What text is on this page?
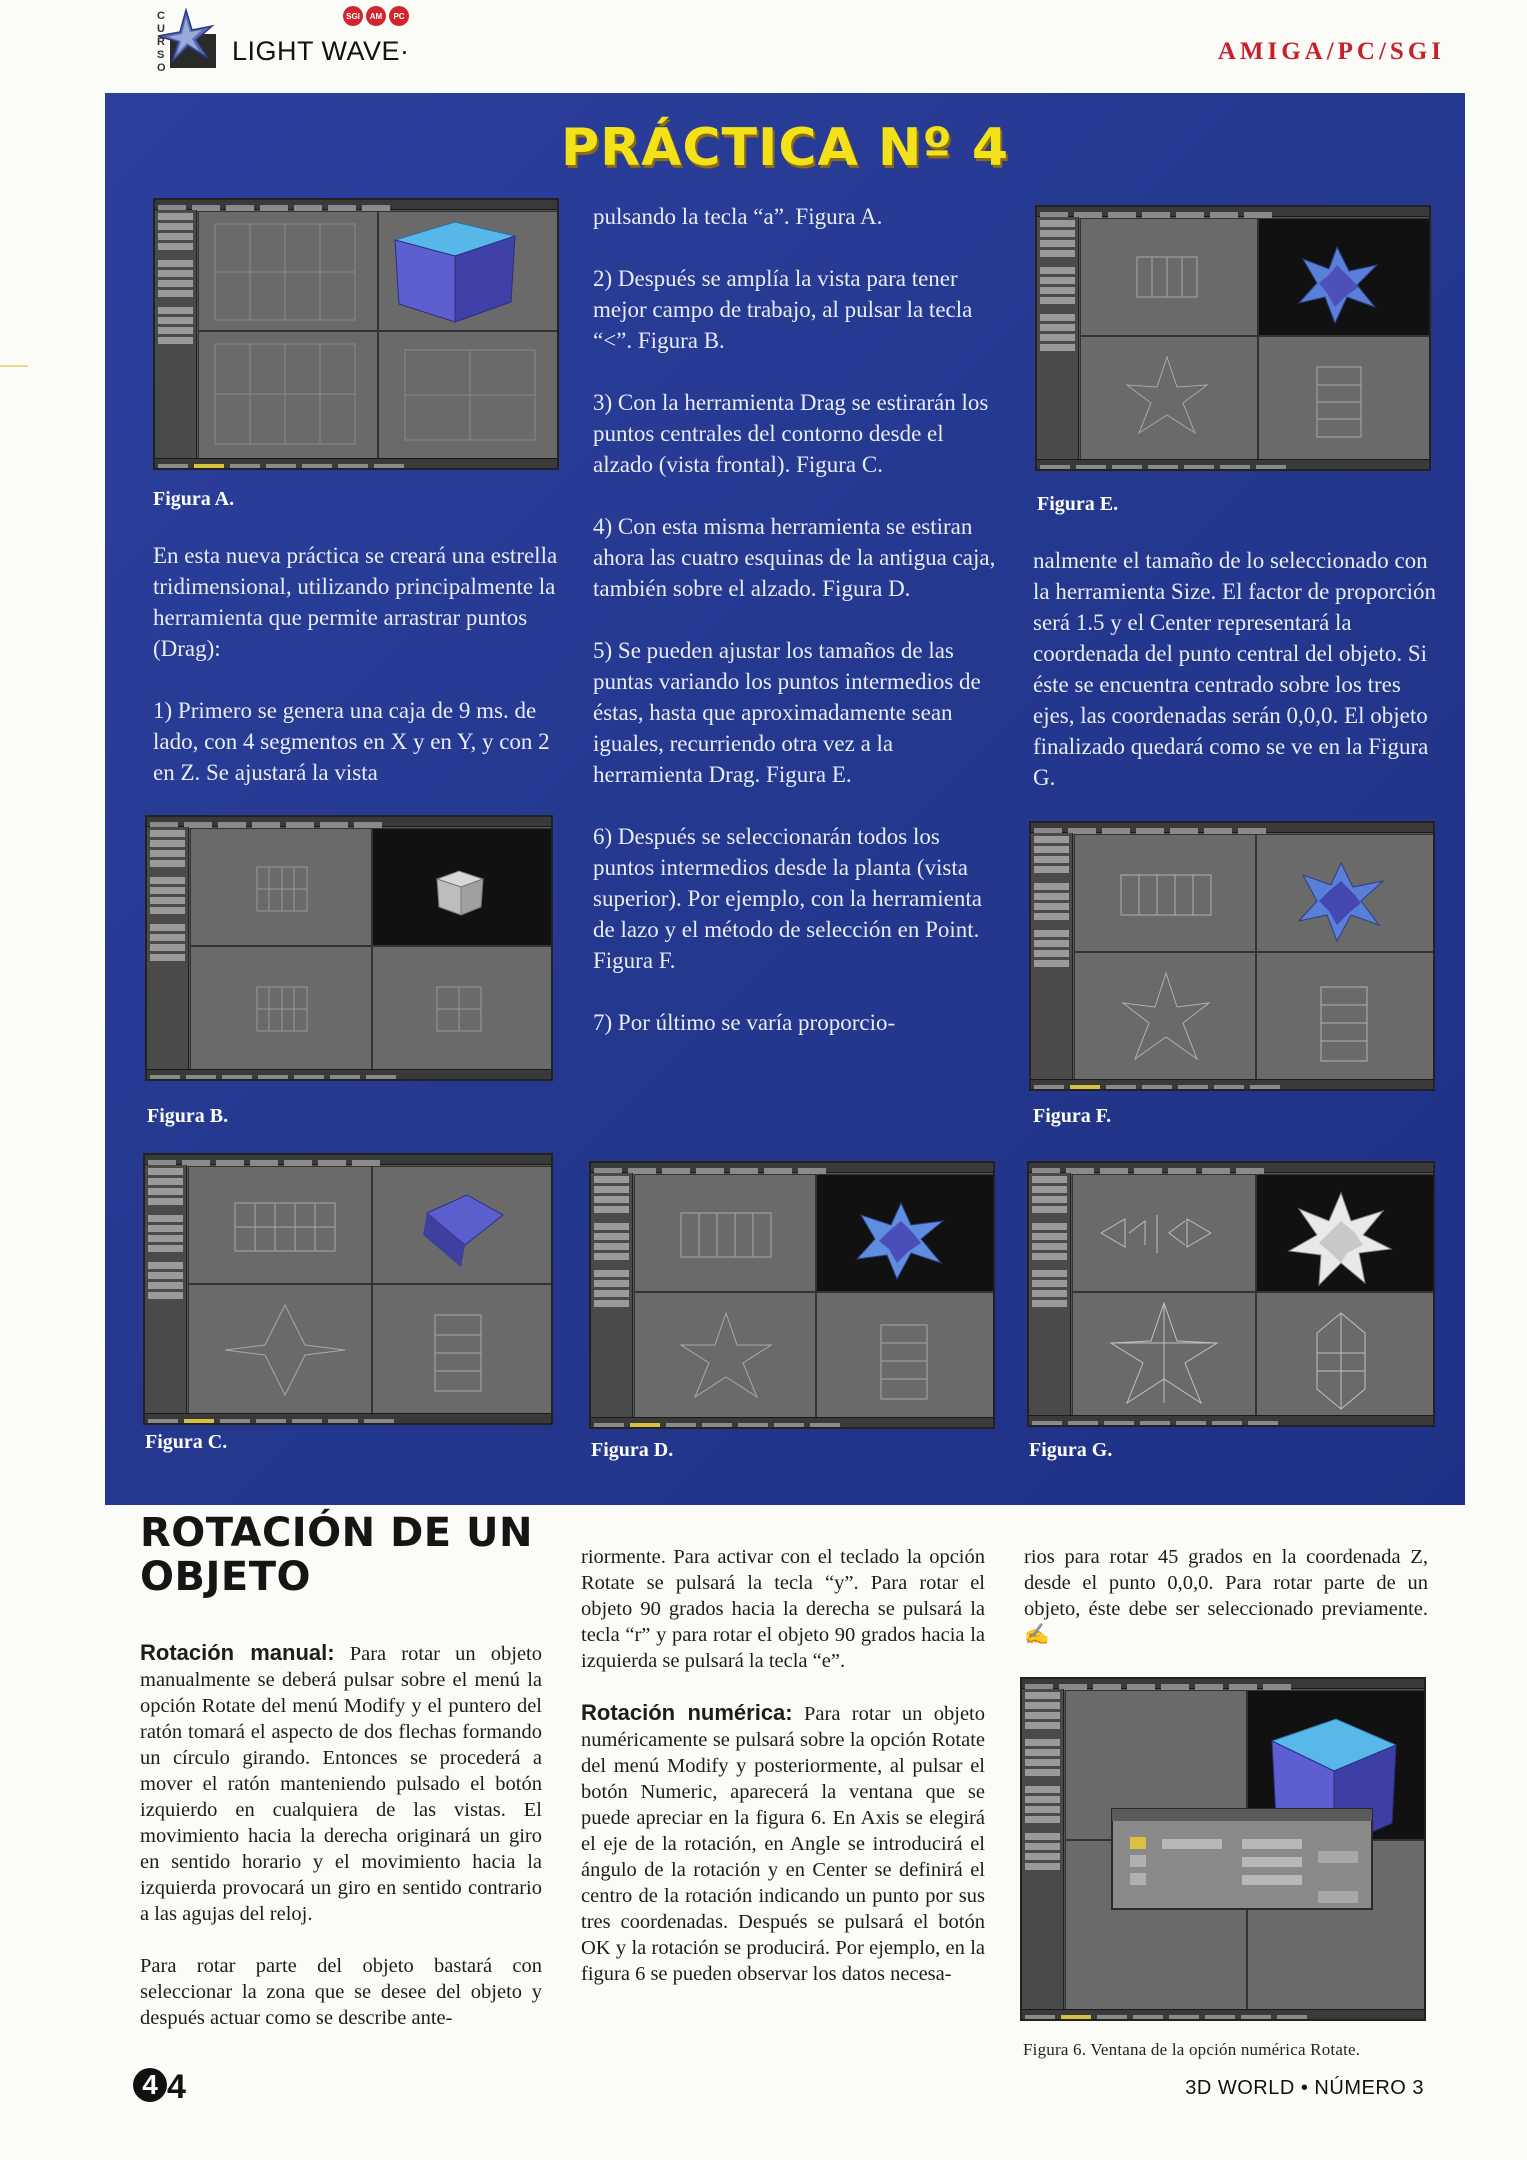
C U R S O
LIGHT WAVE·
SGI	AM	PC
AMIGA/PC/SGI
PRÁCTICA Nº 4
Figura A.

En esta nueva práctica se creará una estrella tridimensional, utilizando principalmente la herramienta que permite arrastrar puntos (Drag):

1) Primero se genera una caja de 9 ms. de lado, con 4 segmentos en X y en Y, y con 2 en Z. Se ajustará la vista

Figura B.

pulsando la tecla “a”. Figura A.

2) Después se amplía la vista para tener mejor campo de trabajo, al pulsar la tecla “<”. Figura B.

3) Con la herramienta Drag se estirarán los puntos centrales del contorno desde el alzado (vista frontal). Figura C.

4) Con esta misma herramienta se estiran ahora las cuatro esquinas de la antigua caja, también sobre el alzado. Figura D.

5) Se pueden ajustar los tamaños de las puntas variando los puntos intermedios de éstas, hasta que aproximadamente sean iguales, recurriendo otra vez a la herramienta Drag. Figura E.

6) Después se seleccionarán todos los puntos intermedios desde la planta (vista superior). Por ejemplo, con la herramienta de lazo y el método de selección en Point. Figura F.

7) Por último se varía proporcio-

Figura E.

nalmente el tamaño de lo seleccionado con la herramienta Size. El factor de proporción será 1.5 y el Center representará la coordenada del punto central del objeto. Si éste se encuentra centrado sobre los tres ejes, las coordenadas serán 0,0,0. El objeto finalizado quedará como se ve en la Figura G.

Figura F.
Figura C.	Figura D.	Figura G.
ROTACIÓN DE UN
OBJETO

Rotación manual: Para rotar un objeto manualmente se deberá pulsar sobre el menú la opción Rotate del menú Modify y el puntero del ratón tomará el aspecto de dos flechas formando un círculo girando. Entonces se procederá a mover el ratón manteniendo pulsado el botón izquierdo en cualquiera de las vistas. El movimiento hacia la derecha originará un giro en sentido horario y el movimiento hacia la izquierda provocará un giro en sentido contrario a las agujas del reloj.

Para rotar parte del objeto bastará con seleccionar la zona que se desee del objeto y después actuar como se describe ante-

riormente. Para activar con el teclado la opción Rotate se pulsará la tecla “y”. Para rotar el objeto 90 grados hacia la derecha se pulsará la tecla “r” y para rotar el objeto 90 grados hacia la izquierda se pulsará la tecla “e”.

Rotación numérica: Para rotar un objeto numéricamente se pulsará sobre la opción Rotate del menú Modify y posteriormente, al pulsar el botón Numeric, aparecerá la ventana que se puede apreciar en la figura 6. En Axis se elegirá el eje de la rotación, en Angle se introducirá el ángulo de la rotación y en Center se definirá el centro de la rotación indicando un punto por sus tres coordenadas. Después se pulsará el botón OK y la rotación se producirá. Por ejemplo, en la figura 6 se pueden observar los datos necesa-

rios para rotar 45 grados en la coordenada Z, desde el punto 0,0,0. Para rotar parte de un objeto, éste debe ser seleccionado previamente. ✍

Figura 6. Ventana de la opción numérica Rotate.
4 4	3D WORLD • NÚMERO 3
